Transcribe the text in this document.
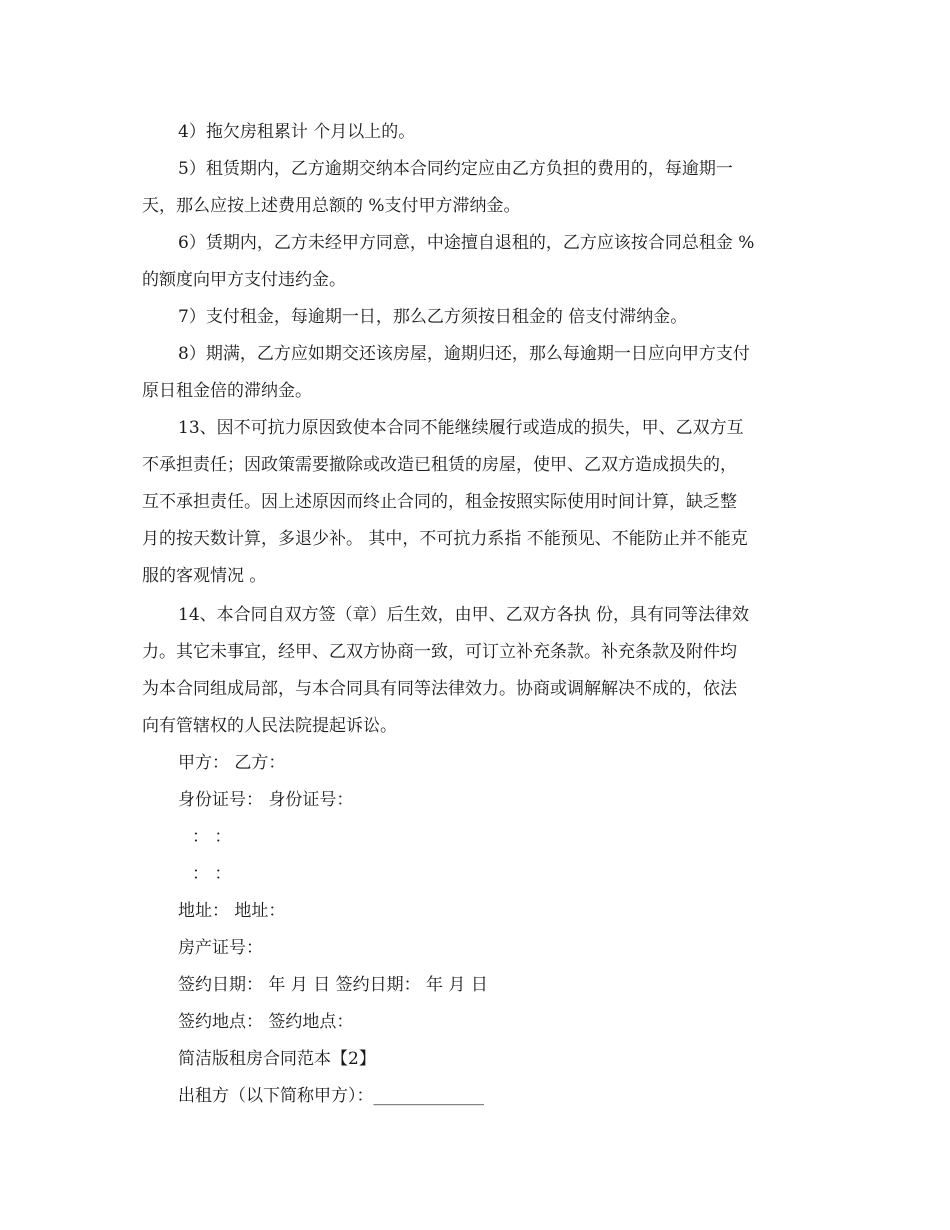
4）拖欠房租累计 个月以上的。
5）租赁期内，乙方逾期交纳本合同约定应由乙方负担的费用的，每逾期一
天，那么应按上述费用总额的 %支付甲方滞纳金。
6）赁期内，乙方未经甲方同意，中途擅自退租的，乙方应该按合同总租金 %
的额度向甲方支付违约金。
7）支付租金，每逾期一日，那么乙方须按日租金的 倍支付滞纳金。
8）期满，乙方应如期交还该房屋，逾期归还，那么每逾期一日应向甲方支付
原日租金倍的滞纳金。
13、因不可抗力原因致使本合同不能继续履行或造成的损失，甲、乙双方互
不承担责任；因政策需要撤除或改造已租赁的房屋，使甲、乙双方造成损失的，
互不承担责任。因上述原因而终止合同的，租金按照实际使用时间计算，缺乏整
月的按天数计算，多退少补。 其中，不可抗力系指 不能预见、不能防止并不能克
服的客观情况 。
14、本合同自双方签（章）后生效，由甲、乙双方各执 份，具有同等法律效
力。其它未事宜，经甲、乙双方协商一致，可订立补充条款。补充条款及附件均
为本合同组成局部，与本合同具有同等法律效力。协商或调解解决不成的，依法
向有管辖权的人民法院提起诉讼。
甲方： 乙方：
身份证号： 身份证号：
： ：
： ：
地址： 地址：
房产证号：
签约日期： 年 月 日 签约日期： 年 月 日
签约地点： 签约地点：
简洁版租房合同范本【2】
出租方（以下简称甲方）：_____________
